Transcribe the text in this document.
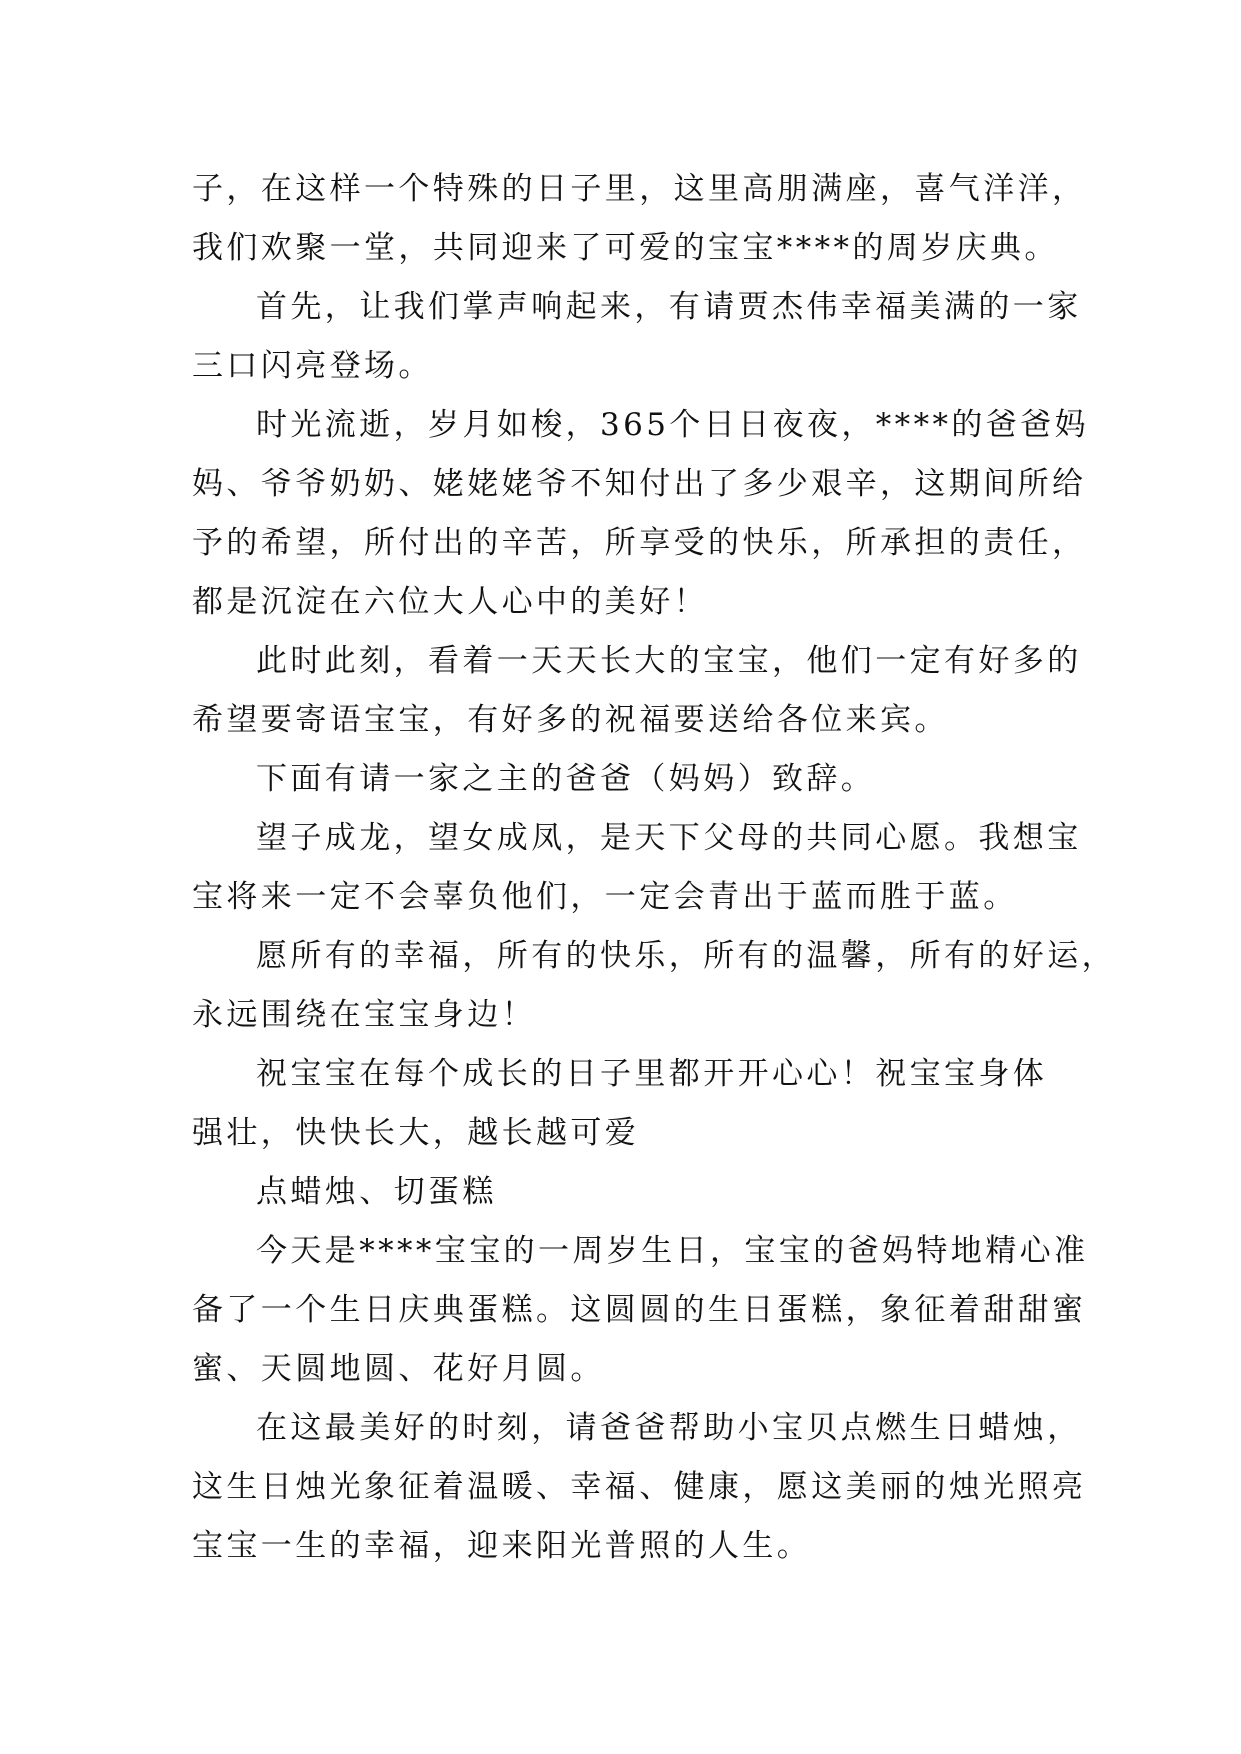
子，在这样一个特殊的日子里，这里高朋满座，喜气洋洋，
我们欢聚一堂，共同迎来了可爱的宝宝****的周岁庆典。
首先，让我们掌声响起来，有请贾杰伟幸福美满的一家
三口闪亮登场。
时光流逝，岁月如梭，365个日日夜夜，****的爸爸妈
妈、爷爷奶奶、姥姥姥爷不知付出了多少艰辛，这期间所给
予的希望，所付出的辛苦，所享受的快乐，所承担的责任，
都是沉淀在六位大人心中的美好！
此时此刻，看着一天天长大的宝宝，他们一定有好多的
希望要寄语宝宝，有好多的祝福要送给各位来宾。
下面有请一家之主的爸爸（妈妈）致辞。
望子成龙，望女成凤，是天下父母的共同心愿。我想宝
宝将来一定不会辜负他们，一定会青出于蓝而胜于蓝。
愿所有的幸福，所有的快乐，所有的温馨，所有的好运，
永远围绕在宝宝身边！
祝宝宝在每个成长的日子里都开开心心！祝宝宝身体
强壮，快快长大，越长越可爱
点蜡烛、切蛋糕
今天是****宝宝的一周岁生日，宝宝的爸妈特地精心准
备了一个生日庆典蛋糕。这圆圆的生日蛋糕，象征着甜甜蜜
蜜、天圆地圆、花好月圆。
在这最美好的时刻，请爸爸帮助小宝贝点燃生日蜡烛，
这生日烛光象征着温暖、幸福、健康，愿这美丽的烛光照亮
宝宝一生的幸福，迎来阳光普照的人生。
